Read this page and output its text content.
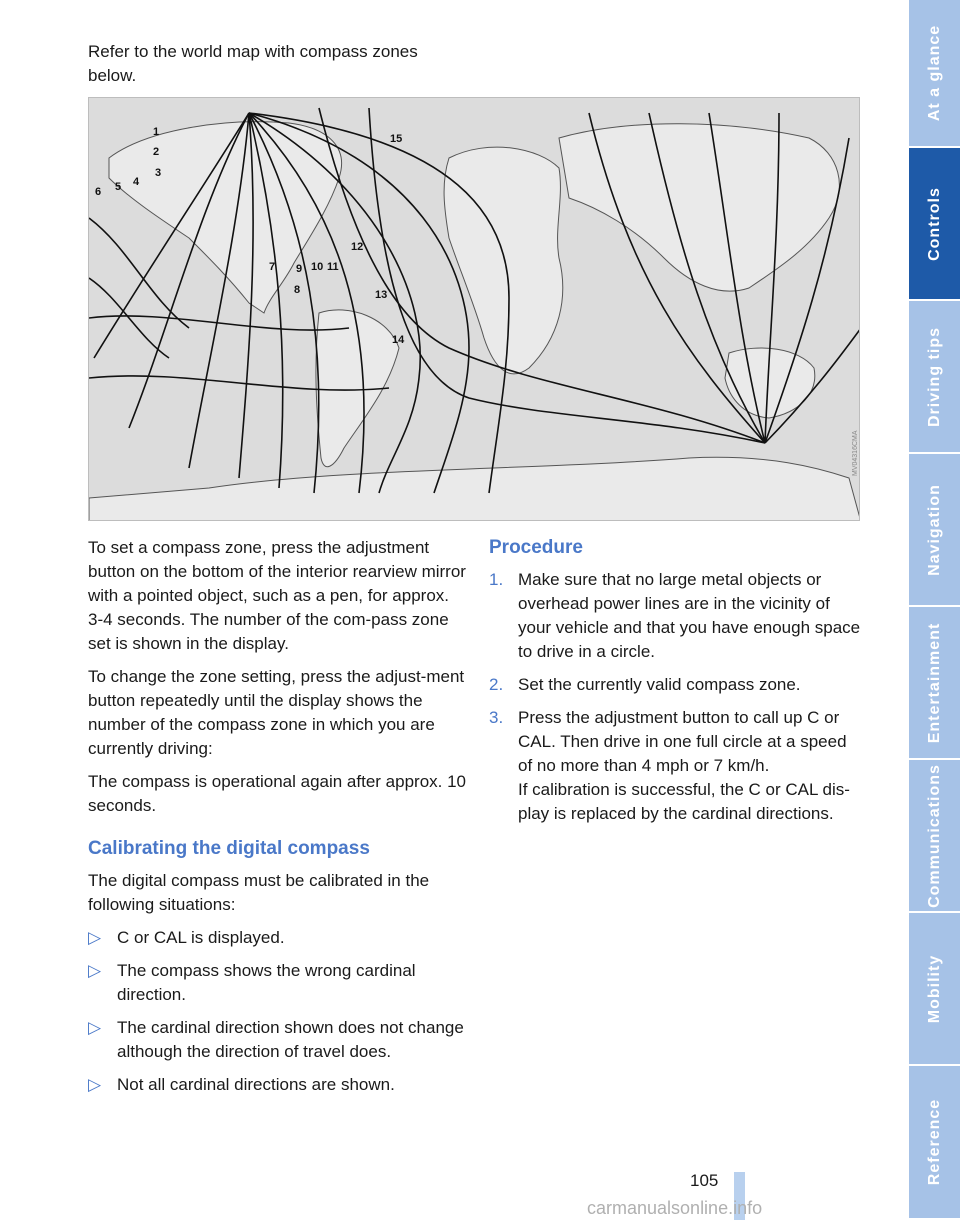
Refer to the world map with compass zones below.
1
2
3
4
5
6
7
8
9 10 11
12
13
14
15
MV04316CMA

To set a compass zone, press the adjustment button on the bottom of the interior rearview mirror with a pointed object, such as a pen, for approx. 3-4 seconds. The number of the com-pass zone set is shown in the display.

To change the zone setting, press the adjust-ment button repeatedly until the display shows the number of the compass zone in which you are currently driving:

The compass is operational again after approx. 10 seconds.

Calibrating the digital compass

The digital compass must be calibrated in the following situations:

▷ C or CAL is displayed.
▷ The compass shows the wrong cardinal direction.
▷ The cardinal direction shown does not change although the direction of travel does.
▷ Not all cardinal directions are shown.
Procedure
1. Make sure that no large metal objects or overhead power lines are in the vicinity of your vehicle and that you have enough space to drive in a circle.
2. Set the currently valid compass zone.
3. Press the adjustment button to call up C or CAL. Then drive in one full circle at a speed of no more than 4 mph or 7 km/h.
If calibration is successful, the C or CAL dis-play is replaced by the cardinal directions.
105
At a glance
Controls
Driving tips
Navigation
Entertainment
Communications
Mobility
Reference
carmanualsonline.info
